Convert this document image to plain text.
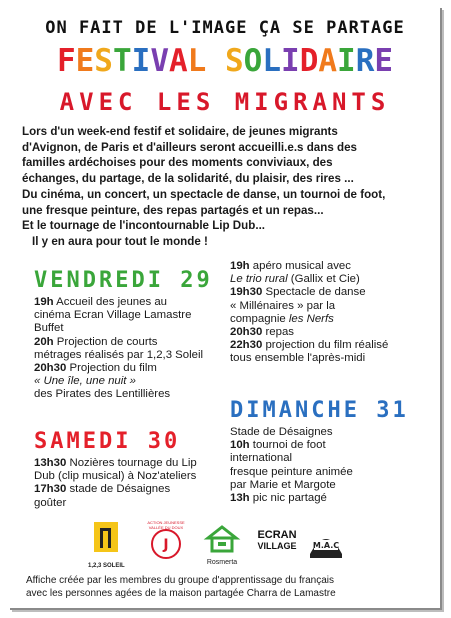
ON FAIT DE L'IMAGE ÇA SE PARTAGE
FESTIVAL SOLIDAIRE
AVEC LES MIGRANTS
Lors d'un week-end festif et solidaire, de jeunes migrants
d'Avignon, de Paris et d'ailleurs seront accueilli.e.s dans des
familles ardéchoises pour des moments conviviaux, des
échanges, du partage, de la solidarité, du plaisir, des rires ...
Du cinéma, un concert, un spectacle de danse, un tournoi de foot,
une fresque peinture, des repas partagés et un repas...
Et le tournage de l'incontournable Lip Dub...
Il y en aura pour tout le monde !
VENDREDI 29
19h Accueil des jeunes au
cinéma Ecran Village Lamastre
Buffet
20h Projection de courts
métrages réalisés par 1,2,3 Soleil
20h30 Projection du film
« Une île, une nuit »
des Pirates des Lentillières
19h apéro musical avec
Le trio rural (Gallix et Cie)
19h30 Spectacle de danse
« Millénaires » par la
compagnie les Nerfs
20h30 repas
22h30 projection du film réalisé
tous ensemble l'après-midi
SAMEDI 30
13h30 Nozières tournage du Lip
Dub (clip musical) à Noz'ateliers
17h30 stade de Désaignes
goûter
DIMANCHE 31
Stade de Désaignes
10h tournoi de foot
international
fresque peinture animée
par Marie et Margote
13h pic nic partagé
1,2,3 SOLEIL
J
ACTION JEUNESSE VALLÉE DU DOUX
Rosmerta
ECRAN
VILLAGE	M.A.C
Affiche créée par les membres du groupe d'apprentissage du français
avec les personnes agées de la maison partagée Charra de Lamastre
